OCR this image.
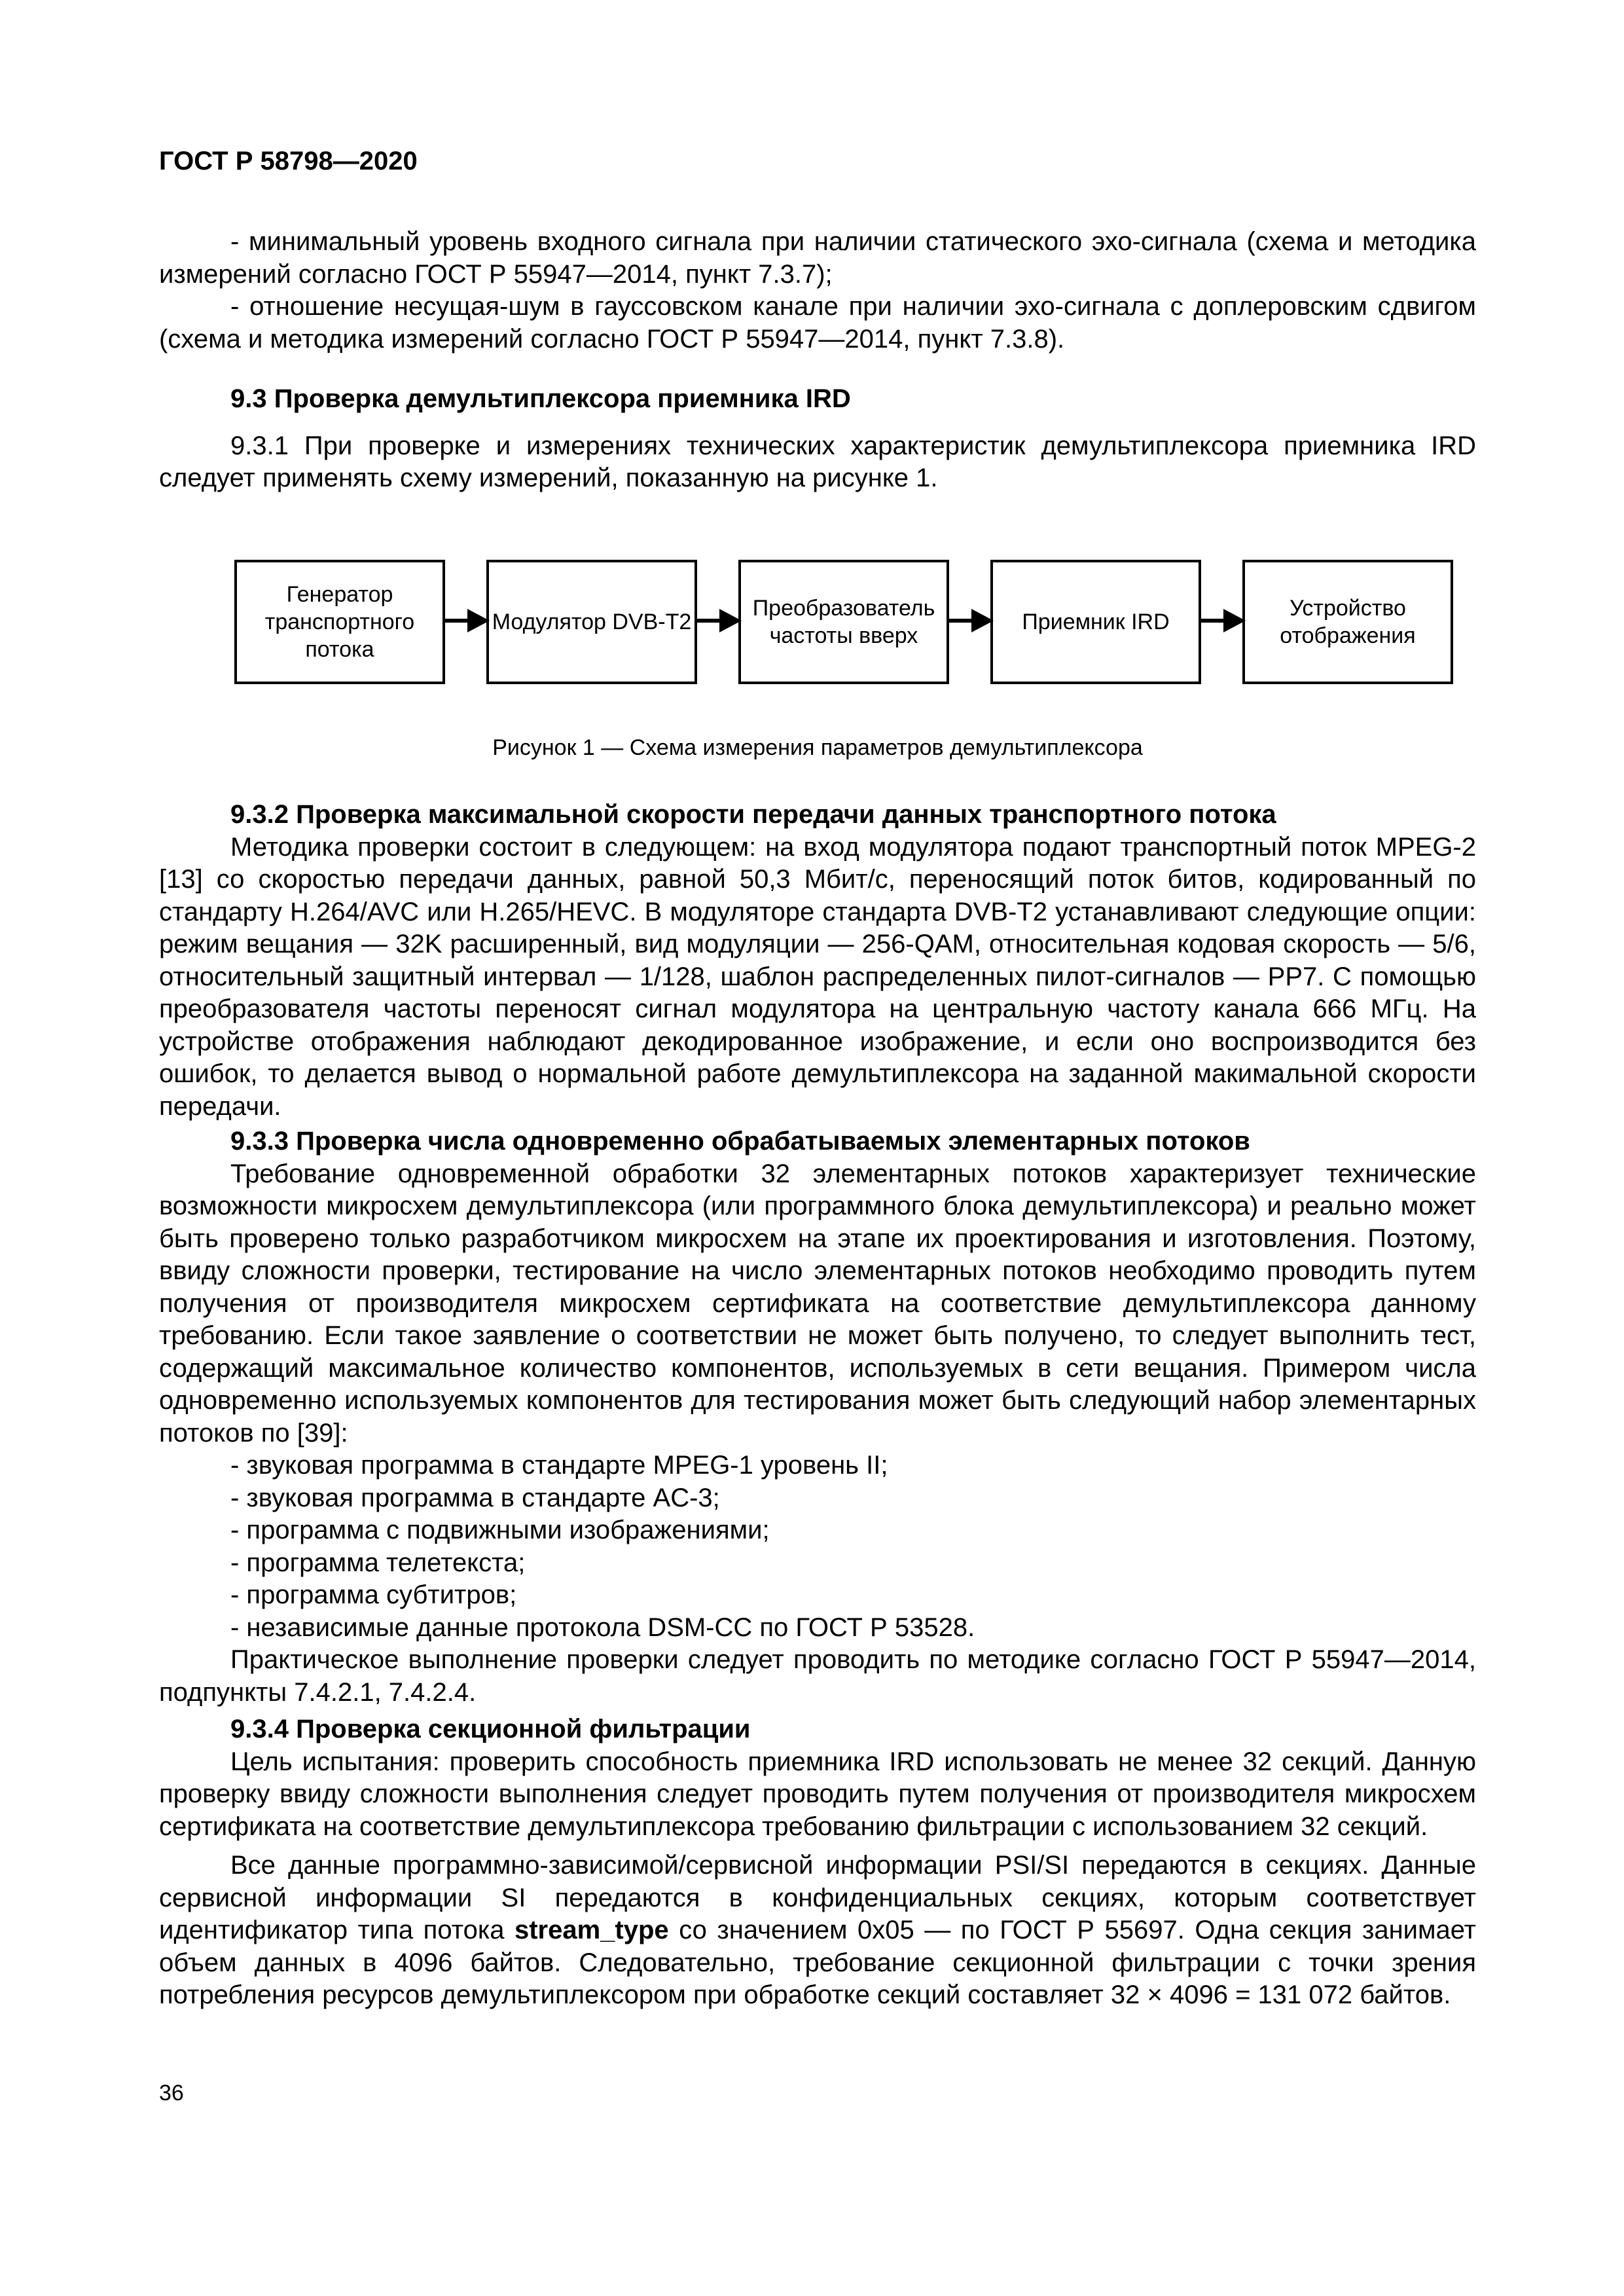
ГОСТ Р 58798—2020

- минимальный уровень входного сигнала при наличии статического эхо-сигнала (схема и методика измерений согласно ГОСТ Р 55947—2014, пункт 7.3.7);

- отношение несущая-шум в гауссовском канале при наличии эхо-сигнала с доплеровским сдвигом (схема и методика измерений согласно ГОСТ Р 55947—2014, пункт 7.3.8).

9.3 Проверка демультиплексора приемника IRD

9.3.1 При проверке и измерениях технических характеристик демультиплексора приемника IRD следует применять схему измерений, показанную на рисунке 1.

Генератор транспортного потока
Модулятор DVB-T2
Преобразователь частоты вверх
Приемник IRD
Устройство отображения
Рисунок 1 — Схема измерения параметров демультиплексора

9.3.2 Проверка максимальной скорости передачи данных транспортного потока

Методика проверки состоит в следующем: на вход модулятора подают транспортный поток MPEG-2 [13] со скоростью передачи данных, равной 50,3 Мбит/с, переносящий поток битов, кодированный по стандарту H.264/AVC или H.265/HEVC. В модуляторе стандарта DVB-T2 устанавливают следующие опции: режим вещания — 32K расширенный, вид модуляции — 256-QAM, относительная кодовая скорость — 5/6, относительный защитный интервал — 1/128, шаблон распределенных пилот-сигналов — PP7. С помощью преобразователя частоты переносят сигнал модулятора на центральную частоту канала 666 МГц. На устройстве отображения наблюдают декодированное изображение, и если оно воспроизводится без ошибок, то делается вывод о нормальной работе демультиплексора на заданной макимальной скорости передачи.

9.3.3 Проверка числа одновременно обрабатываемых элементарных потоков

Требование одновременной обработки 32 элементарных потоков характеризует технические возможности микросхем демультиплексора (или программного блока демультиплексора) и реально может быть проверено только разработчиком микросхем на этапе их проектирования и изготовления. Поэтому, ввиду сложности проверки, тестирование на число элементарных потоков необходимо проводить путем получения от производителя микросхем сертификата на соответствие демультиплексора данному требованию. Если такое заявление о соответствии не может быть получено, то следует выполнить тест, содержащий максимальное количество компонентов, используемых в сети вещания. Примером числа одновременно используемых компонентов для тестирования может быть следующий набор элементарных потоков по [39]:

- звуковая программа в стандарте MPEG-1 уровень II;

- звуковая программа в стандарте AC-3;

- программа с подвижными изображениями;

- программа телетекста;

- программа субтитров;

- независимые данные протокола DSM-CC по ГОСТ Р 53528.

Практическое выполнение проверки следует проводить по методике согласно ГОСТ Р 55947—2014, подпункты 7.4.2.1, 7.4.2.4.

9.3.4 Проверка секционной фильтрации

Цель испытания: проверить способность приемника IRD использовать не менее 32 секций. Данную проверку ввиду сложности выполнения следует проводить путем получения от производителя микросхем сертификата на соответствие демультиплексора требованию фильтрации с использованием 32 секций.

Все данные программно-зависимой/сервисной информации PSI/SI передаются в секциях. Данные сервисной информации SI передаются в конфиденциальных секциях, которым соответствует идентификатор типа потока stream_type со значением 0x05 — по ГОСТ Р 55697. Одна секция занимает объем данных в 4096 байтов. Следовательно, требование секционной фильтрации с точки зрения потребления ресурсов демультиплексором при обработке секций составляет 32 × 4096 = 131 072 байтов.

36
